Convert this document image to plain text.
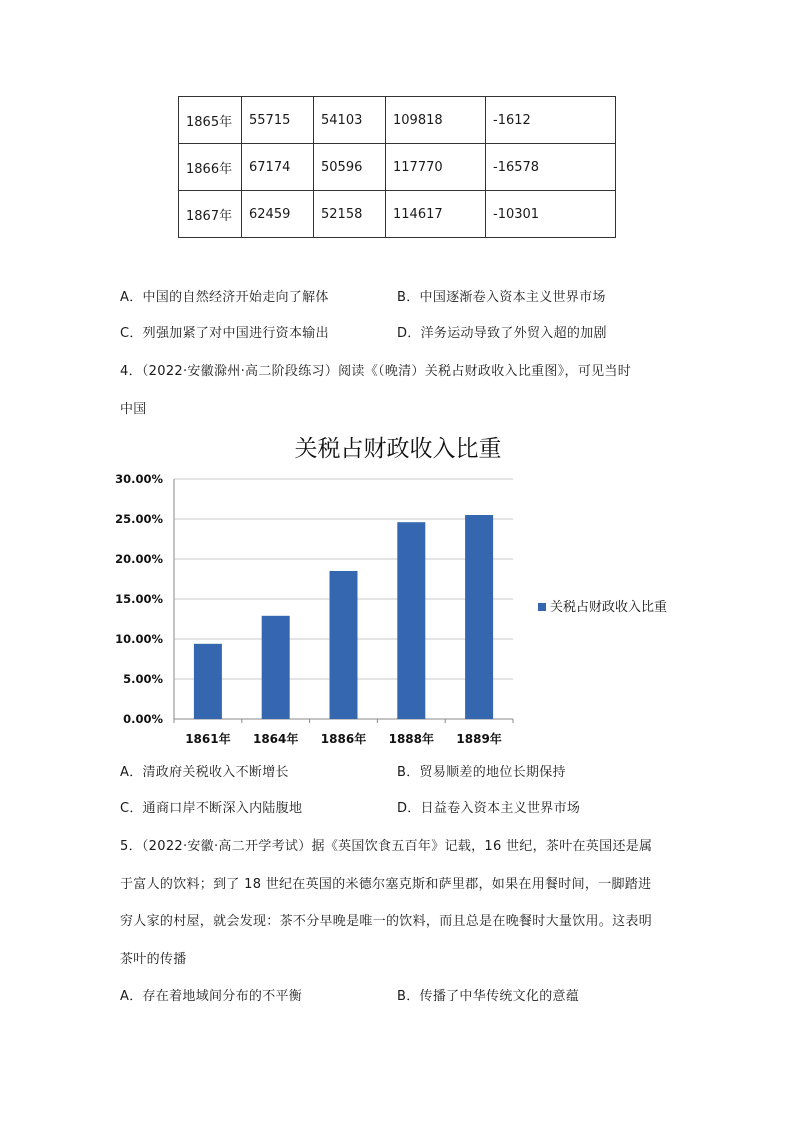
1865年	55715	54103	109818	-1612
1866年	67174	50596	117770	-16578
1867年	62459	52158	114617	-10301
A．中国的自然经济开始走向了解体	B．中国逐渐卷入资本主义世界市场
C．列强加紧了对中国进行资本输出	D．洋务运动导致了外贸入超的加剧
4．（2022·安徽滁州·高二阶段练习）阅读《（晚清）关税占财政收入比重图》，可见当时
中国
关税占财政收入比重
0.00%
5.00%
10.00%
15.00%
20.00%
25.00%
30.00%
1861年 1864年 1886年 1888年 1889年
关税占财政收入比重
A．清政府关税收入不断增长	B．贸易顺差的地位长期保持
C．通商口岸不断深入内陆腹地	D．日益卷入资本主义世界市场
5．（2022·安徽·高二开学考试）据《英国饮食五百年》记载，16 世纪，茶叶在英国还是属
于富人的饮料；到了 18 世纪在英国的米德尔塞克斯和萨里郡，如果在用餐时间，一脚踏进
穷人家的村屋，就会发现：茶不分早晚是唯一的饮料，而且总是在晚餐时大量饮用。这表明
茶叶的传播
A．存在着地域间分布的不平衡	B．传播了中华传统文化的意蕴
